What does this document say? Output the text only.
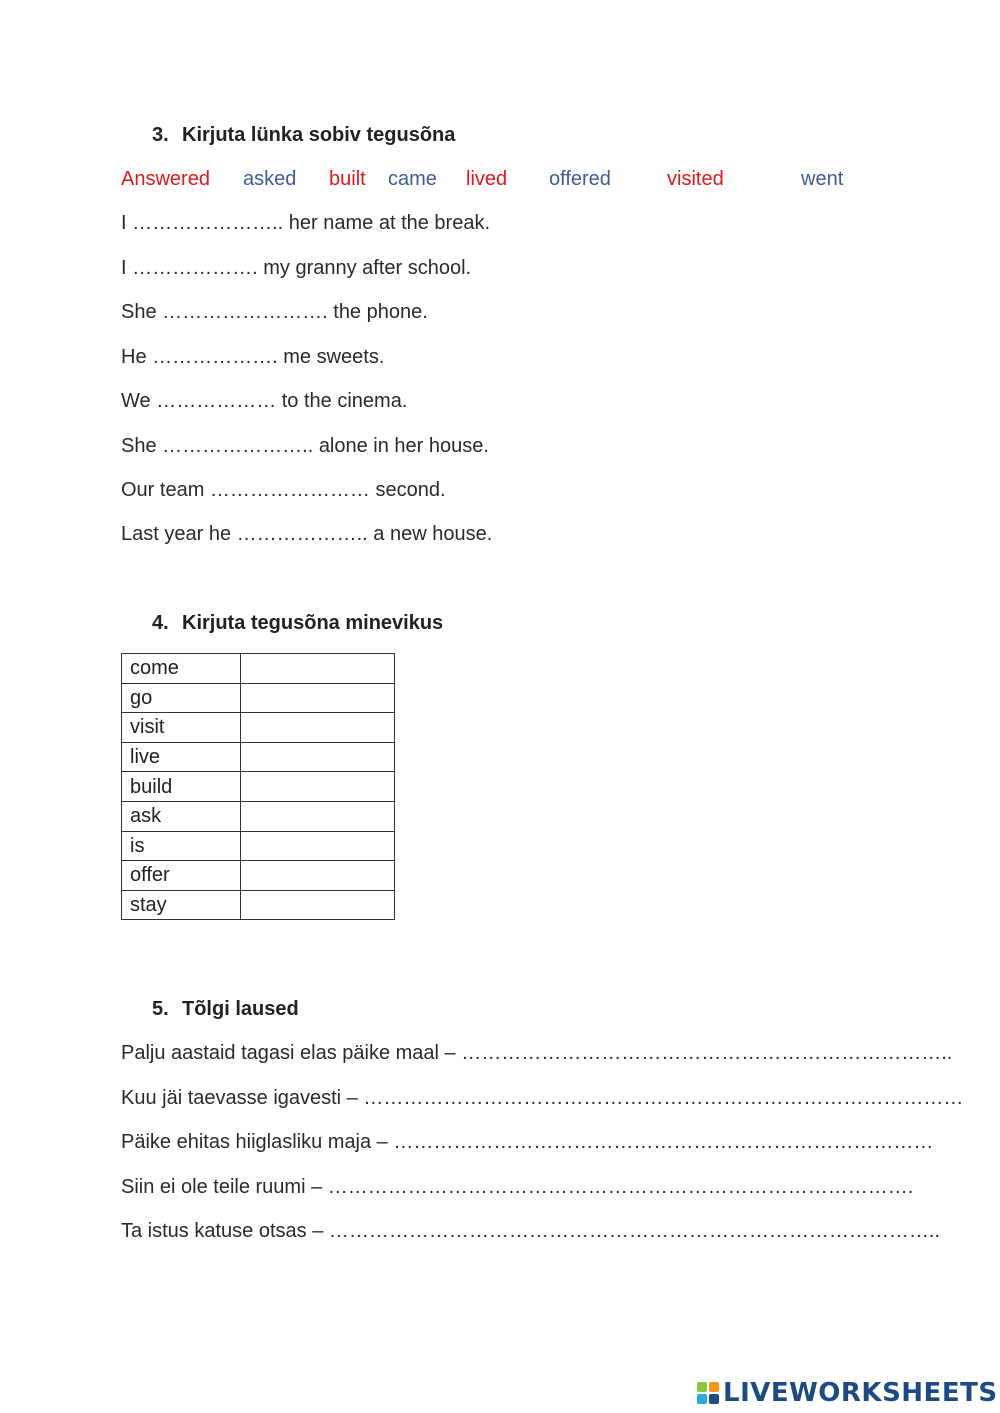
3. Kirjuta lünka sobiv tegusõna
Answered asked built came lived offered	visited	went
I ………………….. her name at the break.
I ………………. my granny after school.
She ……………………. the phone.
He ………………. me sweets.
We ……………… to the cinema.
She ………………….. alone in her house.
Our team …………………… second.
Last year he ……………….. a new house.
4. Kirjuta tegusõna minevikus
come	
go	
visit	
live	
build	
ask	
is	
offer	
stay	
5. Tõlgi laused
Palju aastaid tagasi elas päike maal – ………………………………………………………………..
Kuu jäi taevasse igavesti – ………………………………………………………………………………
Päike ehitas hiiglasliku maja – ………………………………………………………………………
Siin ei ole teile ruumi – …………………………………………………………………………….
Ta istus katuse otsas – ………………………………………………………………………………..
LIVEWORKSHEETS
